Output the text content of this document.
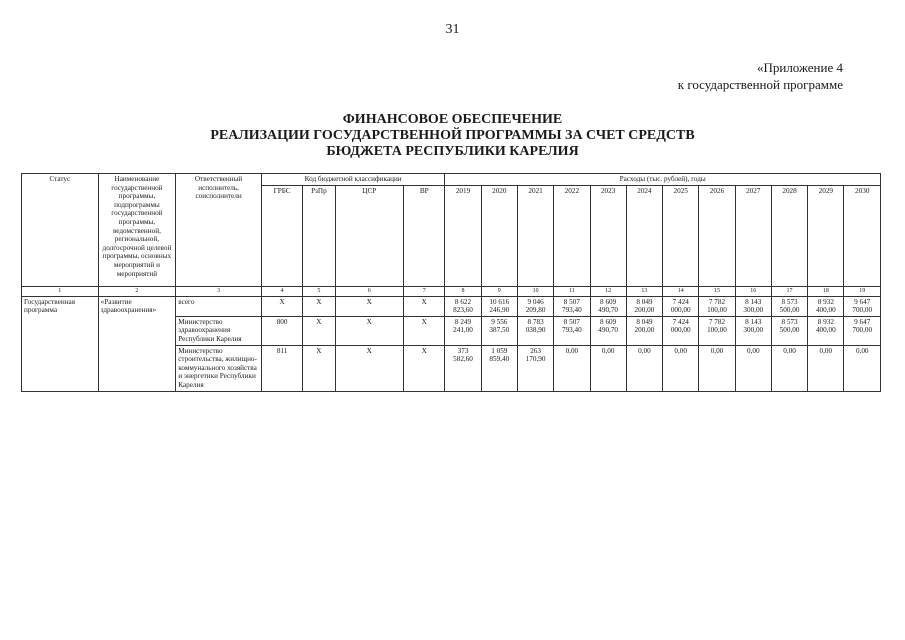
31
«Приложение 4
к государственной программе
ФИНАНСОВОЕ ОБЕСПЕЧЕНИЕ
РЕАЛИЗАЦИИ ГОСУДАРСТВЕННОЙ ПРОГРАММЫ ЗА СЧЕТ СРЕДСТВ
БЮДЖЕТА РЕСПУБЛИКИ КАРЕЛИЯ
Статус	Наименование государственной программы, подпрограммы государственной программы, ведомственной, региональной, долгосрочной целевой программы, основных мероприятий и мероприятий	Ответственный исполнитель, соисполнители	Код бюджетной классификации				Расходы (тыс. рублей), годы											
			ГРБС	РзПр	ЦСР	ВР	2019	2020	2021	2022	2023	2024	2025	2026	2027	2028	2029	2030
1	2	3	4	5	6	7	8	9	10	11	12	13	14	15	16	17	18	19
Государственная программа	«Развитие здравоохранения»	всего	X	X	X	X	8 622 823,60	10 616 246,90	9 046 209,80	8 507 793,40	8 609 490,70	8 049 200,00	7 424 000,00	7 782 100,00	8 143 300,00	8 573 500,00	8 932 400,00	9 647 700,00
		Министерство здравоохранения Республики Карелия	800	X	X	X	8 249 241,00	9 556 387,50	8 783 038,90	8 507 793,40	8 609 490,70	8 049 200,00	7 424 000,00	7 782 100,00	8 143 300,00	8 573 500,00	8 932 400,00	9 647 700,00
		Министерство строительства, жилищно-коммунального хозяйства и энергетики Республики Карелия	811	X	X	X	373 582,60	1 059 859,40	263 170,90	0,00	0,00	0,00	0,00	0,00	0,00	0,00	0,00	0,00
